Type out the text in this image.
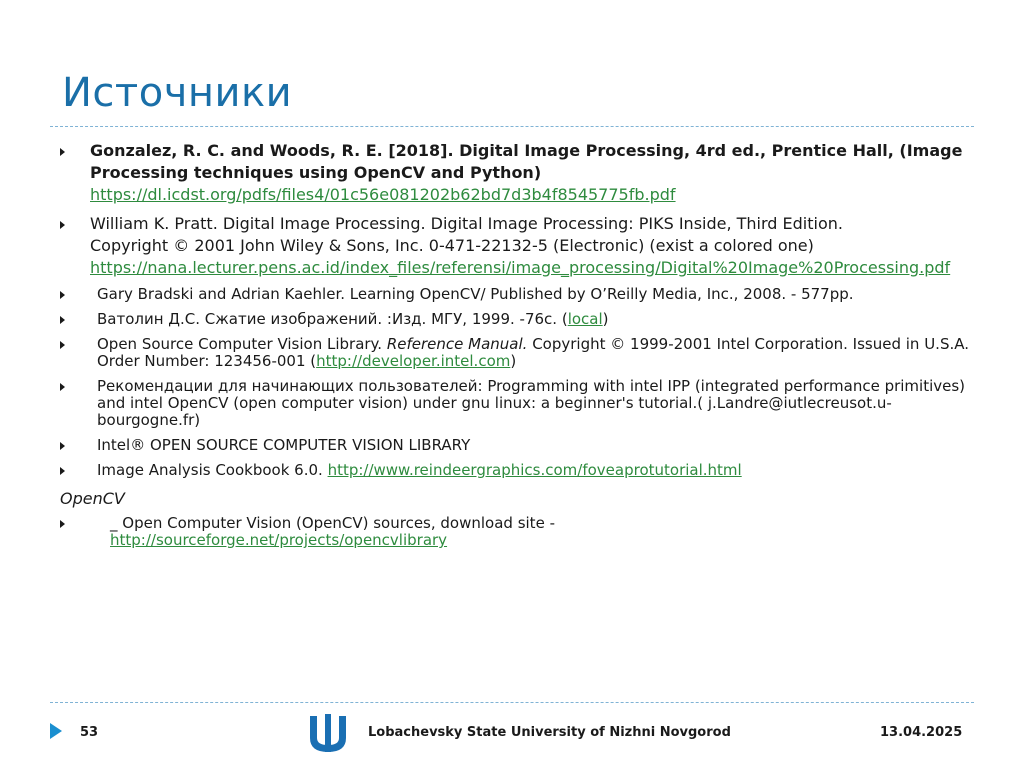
Источники
Gonzalez, R. C. and Woods, R. E. [2018]. Digital Image Processing, 4rd ed., Prentice Hall, (Image Processing techniques using OpenCV and Python)
https://dl.icdst.org/pdfs/files4/01c56e081202b62bd7d3b4f8545775fb.pdf
William K. Pratt. Digital Image Processing. Digital Image Processing: PIKS Inside, Third Edition.
Copyright © 2001 John Wiley & Sons, Inc. 0-471-22132-5 (Electronic) (exist a colored one)
https://nana.lecturer.pens.ac.id/index_files/referensi/image_processing/Digital%20Image%20Processing.pdf
Gary Bradski and Adrian Kaehler. Learning OpenCV/ Published by O’Reilly Media, Inc., 2008. - 577pp.
Ватолин Д.С. Сжатие изображений. :Изд. МГУ, 1999. -76с. (local)
Open Source Computer Vision Library. Reference Manual. Copyright © 1999-2001 Intel Corporation. Issued in U.S.A. Order Number: 123456-001 (http://developer.intel.com)
Рекомендации для начинающих пользователей: Programming with intel IPP (integrated performance primitives) and intel OpenCV (open computer vision) under gnu linux: a beginner's tutorial.( j.Landre@iutlecreusot.u-bourgogne.fr)
Intel® OPEN SOURCE COMPUTER VISION LIBRARY
Image Analysis Cookbook 6.0. http://www.reindeergraphics.com/foveaprotutorial.html
OpenCV
_ Open Computer Vision (OpenCV) sources, download site -
http://sourceforge.net/projects/opencvlibrary
53	Lobachevsky State University of Nizhni Novgorod	13.04.2025
